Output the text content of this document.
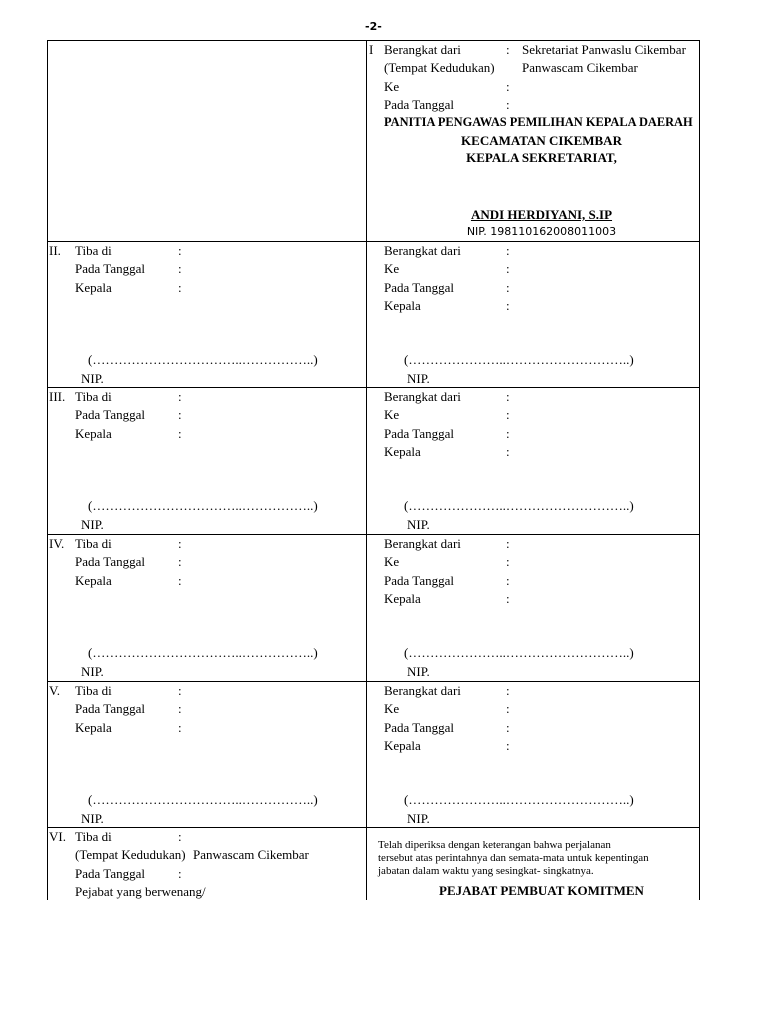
-2-
I Berangkat dari	: Sekretariat Panwaslu Cikembar
(Tempat Kedudukan) Panwascam Cikembar
Ke	:
Pada Tanggal	:
PANITIA PENGAWAS PEMILIHAN KEPALA DAERAH
KECAMATAN CIKEMBAR
KEPALA SEKRETARIAT,
ANDI HERDIYANI, S.IP
NIP. 198110162008011003
II. Tiba di	:
Pada Tanggal	:
Kepala	:
(……………………………..……………..)
NIP.
Berangkat dari	:
Ke	:
Pada Tanggal	:
Kepala	:
(…………………..………………………..)
NIP.
III. Tiba di	:
Pada Tanggal	:
Kepala	:
(……………………………..……………..)
NIP.
Berangkat dari	:
Ke	:
Pada Tanggal	:
Kepala	:
(…………………..………………………..)
NIP.
IV. Tiba di	:
Pada Tanggal	:
Kepala	:
(……………………………..……………..)
NIP.
Berangkat dari	:
Ke	:
Pada Tanggal	:
Kepala	:
(…………………..………………………..)
NIP.
V. Tiba di	:
Pada Tanggal	:
Kepala	:
(……………………………..……………..)
NIP.
Berangkat dari	:
Ke	:
Pada Tanggal	:
Kepala	:
(…………………..………………………..)
NIP.
VI. Tiba di	:
(Tempat Kedudukan) Panwascam Cikembar
Pada Tanggal	:
Pejabat yang berwenang/
Telah diperiksa dengan keterangan bahwa perjalanan
tersebut atas perintahnya dan semata-mata untuk kepentingan
jabatan dalam waktu yang sesingkat- singkatnya.
PEJABAT PEMBUAT KOMITMEN
